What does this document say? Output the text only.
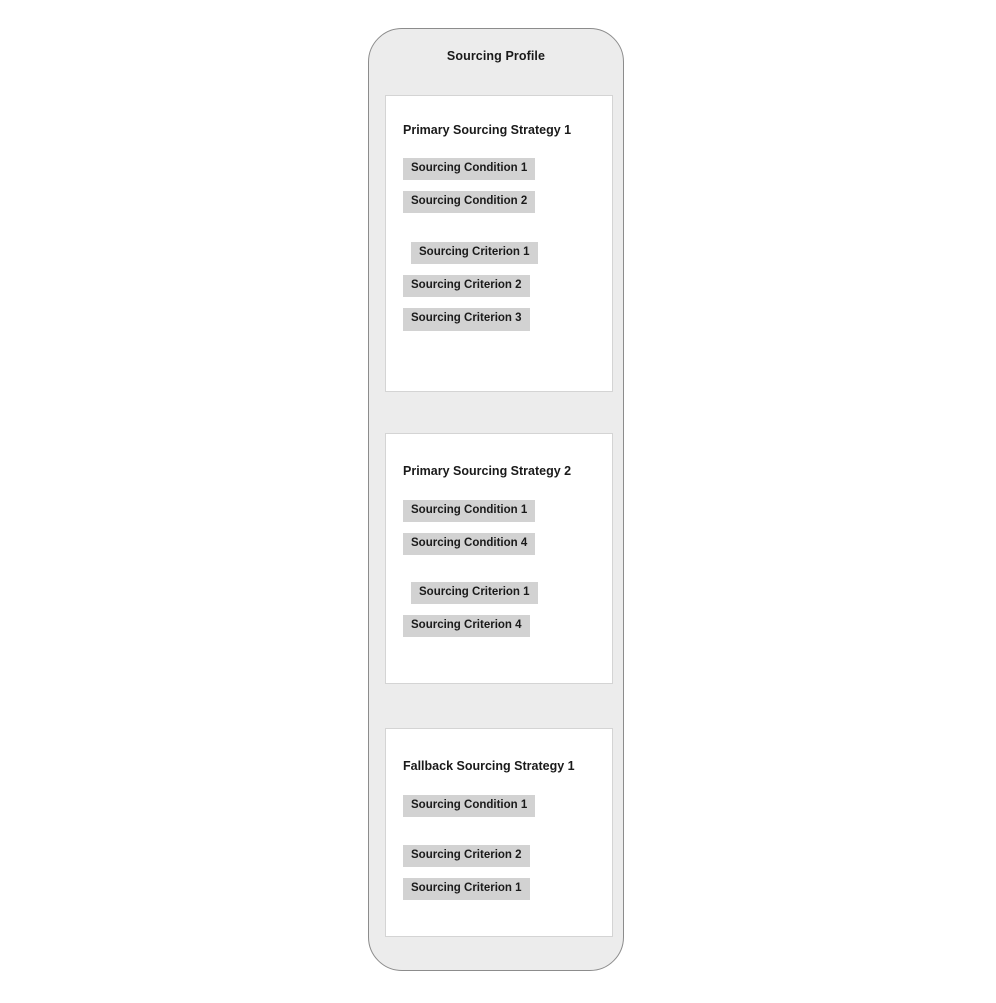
Sourcing Profile
Primary Sourcing Strategy 1
Sourcing Condition 1
Sourcing Condition 2
Sourcing Criterion 1
Sourcing Criterion 2
Sourcing Criterion 3
Primary Sourcing Strategy 2
Sourcing Condition 1
Sourcing Condition 4
Sourcing Criterion 1
Sourcing Criterion 4
Fallback Sourcing Strategy 1
Sourcing Condition 1
Sourcing Criterion 2
Sourcing Criterion 1
